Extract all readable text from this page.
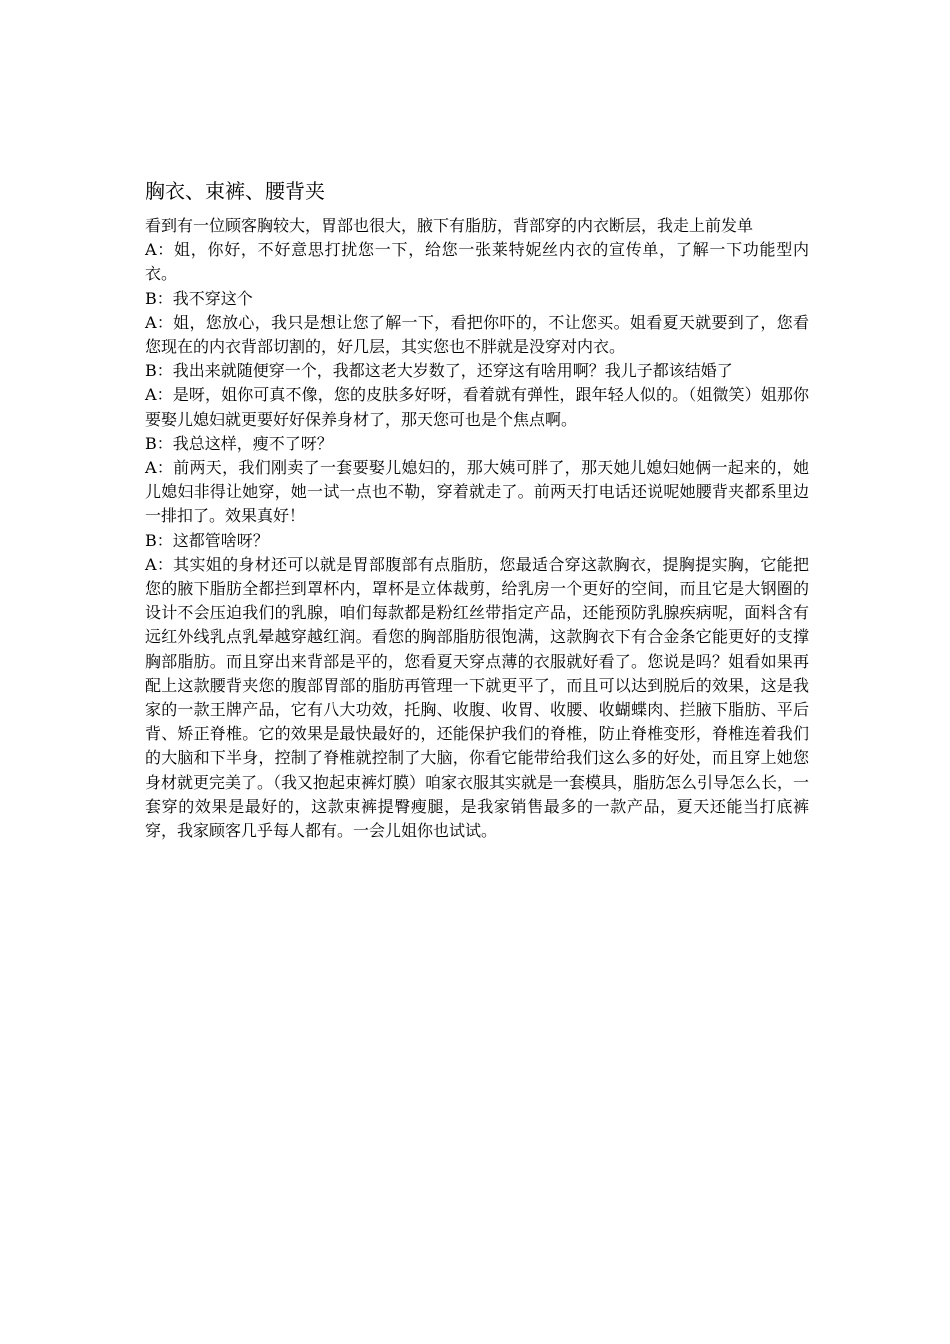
胸衣、束裤、腰背夹

看到有一位顾客胸较大，胃部也很大，腋下有脂肪，背部穿的内衣断层，我走上前发单

A：姐，你好，不好意思打扰您一下，给您一张莱特妮丝内衣的宣传单，了解一下功能型内衣。

B：我不穿这个

A：姐，您放心，我只是想让您了解一下，看把你吓的，不让您买。姐看夏天就要到了，您看您现在的内衣背部切割的，好几层，其实您也不胖就是没穿对内衣。

B：我出来就随便穿一个，我都这老大岁数了，还穿这有啥用啊？我儿子都该结婚了

A：是呀，姐你可真不像，您的皮肤多好呀，看着就有弹性，跟年轻人似的。（姐微笑）姐那你要娶儿媳妇就更要好好保养身材了，那天您可也是个焦点啊。

B：我总这样，瘦不了呀？

A：前两天，我们刚卖了一套要娶儿媳妇的，那大姨可胖了，那天她儿媳妇她俩一起来的，她儿媳妇非得让她穿，她一试一点也不勒，穿着就走了。前两天打电话还说呢她腰背夹都系里边一排扣了。效果真好！

B：这都管啥呀？

A：其实姐的身材还可以就是胃部腹部有点脂肪，您最适合穿这款胸衣，提胸提实胸，它能把您的腋下脂肪全都拦到罩杯内，罩杯是立体裁剪，给乳房一个更好的空间，而且它是大钢圈的设计不会压迫我们的乳腺，咱们每款都是粉红丝带指定产品，还能预防乳腺疾病呢，面料含有远红外线乳点乳晕越穿越红润。看您的胸部脂肪很饱满，这款胸衣下有合金条它能更好的支撑胸部脂肪。而且穿出来背部是平的，您看夏天穿点薄的衣服就好看了。您说是吗？姐看如果再配上这款腰背夹您的腹部胃部的脂肪再管理一下就更平了，而且可以达到脱后的效果，这是我家的一款王牌产品，它有八大功效，托胸、收腹、收胃、收腰、收蝴蝶肉、拦腋下脂肪、平后背、矫正脊椎。它的效果是最快最好的，还能保护我们的脊椎，防止脊椎变形，脊椎连着我们的大脑和下半身，控制了脊椎就控制了大脑，你看它能带给我们这么多的好处，而且穿上她您身材就更完美了。（我又抱起束裤灯膜）咱家衣服其实就是一套模具，脂肪怎么引导怎么长，一套穿的效果是最好的，这款束裤提臀瘦腿，是我家销售最多的一款产品，夏天还能当打底裤穿，我家顾客几乎每人都有。一会儿姐你也试试。
